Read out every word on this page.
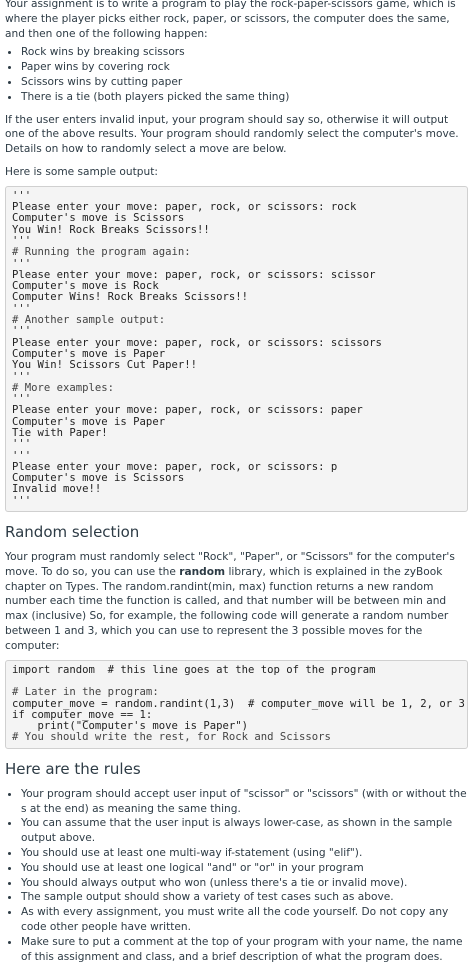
Your assignment is to write a program to play the rock-paper-scissors game, which is where the player picks either rock, paper, or scissors, the computer does the same, and then one of the following happen:

Rock wins by breaking scissors
Paper wins by covering rock
Scissors wins by cutting paper
There is a tie (both players picked the same thing)

If the user enters invalid input, your program should say so, otherwise it will output one of the above results. Your program should randomly select the computer's move. Details on how to randomly select a move are below.

Here is some sample output:

'''
Please enter your move: paper, rock, or scissors: rock
Computer's move is Scissors
You Win! Rock Breaks Scissors!!
'''
# Running the program again:
'''
Please enter your move: paper, rock, or scissors: scissor
Computer's move is Rock
Computer Wins! Rock Breaks Scissors!!
'''
# Another sample output:
'''
Please enter your move: paper, rock, or scissors: scissors
Computer's move is Paper
You Win! Scissors Cut Paper!!
'''
# More examples:
'''
Please enter your move: paper, rock, or scissors: paper
Computer's move is Paper
Tie with Paper!
'''
'''
Please enter your move: paper, rock, or scissors: p
Computer's move is Scissors
Invalid move!!
'''
Random selection

Your program must randomly select "Rock", "Paper", or "Scissors" for the computer's move. To do so, you can use the random library, which is explained in the zyBook chapter on Types. The random.randint(min, max) function returns a new random number each time the function is called, and that number will be between min and max (inclusive) So, for example, the following code will generate a random number between 1 and 3, which you can use to represent the 3 possible moves for the computer:

import random  # this line goes at the top of the program
# Later in the program:
computer_move = random.randint(1,3)  # computer_move will be 1, 2, or 3
if computer_move == 1:
print("Computer's move is Paper")
# You should write the rest, for Rock and Scissors
Here are the rules
Your program should accept user input of "scissor" or "scissors" (with or without the s at the end) as meaning the same thing.
You can assume that the user input is always lower-case, as shown in the sample output above.
You should use at least one multi-way if-statement (using "elif").
You should use at least one logical "and" or "or" in your program
You should always output who won (unless there's a tie or invalid move).
The sample output should show a variety of test cases such as above.
As with every assignment, you must write all the code yourself. Do not copy any code other people have written.
Make sure to put a comment at the top of your program with your name, the name of this assignment and class, and a brief description of what the program does.
